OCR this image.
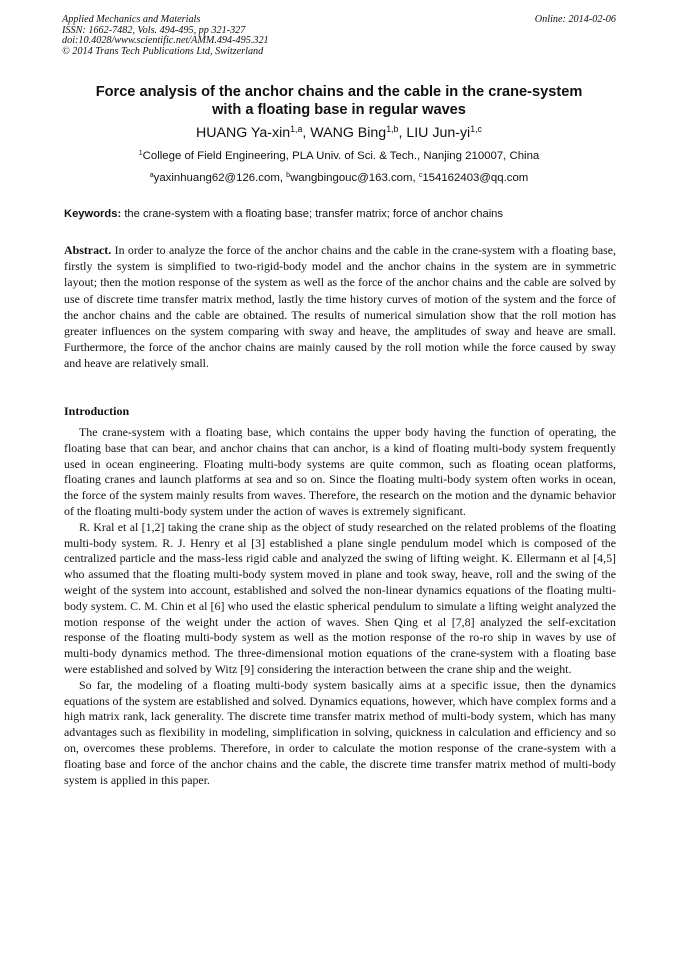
Applied Mechanics and Materials
ISSN: 1662-7482, Vols. 494-495, pp 321-327
doi:10.4028/www.scientific.net/AMM.494-495.321
© 2014 Trans Tech Publications Ltd, Switzerland
Online: 2014-02-06
Force analysis of the anchor chains and the cable in the crane-system
with a floating base in regular waves
HUANG Ya-xin$^{1,a}$, WANG Bing$^{1,b}$, LIU Jun-yi$^{1,c}$
$^1$College of Field Engineering, PLA Univ. of Sci. & Tech., Nanjing 210007, China
$^a$yaxinhuang62@126.com, $^b$wangbingouc@163.com, $^c$154162403@qq.com
Keywords: the crane-system with a floating base; transfer matrix; force of anchor chains
Abstract. In order to analyze the force of the anchor chains and the cable in the crane-system with a floating base, firstly the system is simplified to two-rigid-body model and the anchor chains in the system are in symmetric layout; then the motion response of the system as well as the force of the anchor chains and the cable are solved by use of discrete time transfer matrix method, lastly the time history curves of motion of the system and the force of the anchor chains and the cable are obtained. The results of numerical simulation show that the roll motion has greater influences on the system comparing with sway and heave, the amplitudes of sway and heave are small. Furthermore, the force of the anchor chains are mainly caused by the roll motion while the force caused by sway and heave are relatively small.
Introduction

The crane-system with a floating base, which contains the upper body having the function of operating, the floating base that can bear, and anchor chains that can anchor, is a kind of floating multi-body system frequently used in ocean engineering. Floating multi-body systems are quite common, such as floating ocean platforms, floating cranes and launch platforms at sea and so on. Since the floating multi-body system often works in ocean, the force of the system mainly results from waves. Therefore, the research on the motion and the dynamic behavior of the floating multi-body system under the action of waves is extremely significant.

R. Kral et al [1,2] taking the crane ship as the object of study researched on the related problems of the floating multi-body system. R. J. Henry et al [3] established a plane single pendulum model which is composed of the centralized particle and the mass-less rigid cable and analyzed the swing of lifting weight. K. Ellermann et al [4,5] who assumed that the floating multi-body system moved in plane and took sway, heave, roll and the swing of the weight of the system into account, established and solved the non-linear dynamics equations of the floating multi-body system. C. M. Chin et al [6] who used the elastic spherical pendulum to simulate a lifting weight analyzed the motion response of the weight under the action of waves. Shen Qing et al [7,8] analyzed the self-excitation response of the floating multi-body system as well as the motion response of the ro-ro ship in waves by use of multi-body dynamics method. The three-dimensional motion equations of the crane-system with a floating base were established and solved by Witz [9] considering the interaction between the crane ship and the weight.

So far, the modeling of a floating multi-body system basically aims at a specific issue, then the dynamics equations of the system are established and solved. Dynamics equations, however, which have complex forms and a high matrix rank, lack generality. The discrete time transfer matrix method of multi-body system, which has many advantages such as flexibility in modeling, simplification in solving, quickness in calculation and efficiency and so on, overcomes these problems. Therefore, in order to calculate the motion response of the crane-system with a floating base and force of the anchor chains and the cable, the discrete time transfer matrix method of multi-body system is applied in this paper.
